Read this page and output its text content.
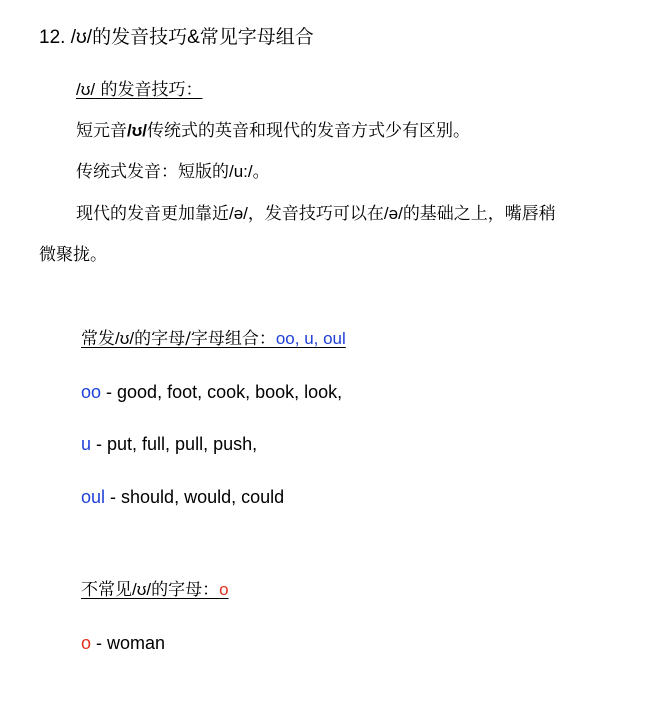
12. /ʊ/的发音技巧&常见字母组合
/ʊ/ 的发音技巧：
短元音/ʊ/传统式的英音和现代的发音方式少有区别。
传统式发音：短版的/u:/。
现代的发音更加靠近/ə/，发音技巧可以在/ə/的基础之上，嘴唇稍
微聚拢。
常发/ʊ/的字母/字母组合：oo, u, oul
oo - good, foot, cook, book, look,
u - put, full, pull, push,
oul - should, would, could
不常见/ʊ/的字母：o
o - woman
